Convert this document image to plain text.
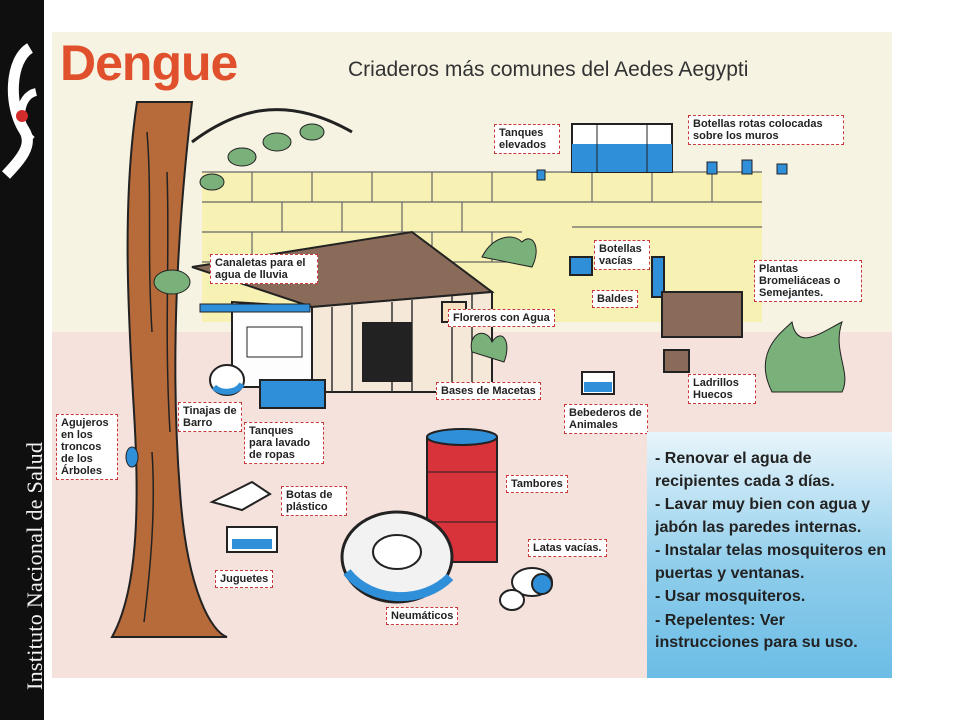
Instituto Nacional de Salud
Dengue	Criaderos más comunes del Aedes Aegypti
Tanques elevados
Botellas rotas colocadas sobre los muros
Canaletas para el agua de lluvia
Botellas vacías
Plantas Bromeliáceas o Semejantes.
Baldes
Floreros con Agua
Bases de Macetas
Ladrillos Huecos
Bebederos de Animales
Tinajas de Barro
Tanques para lavado de ropas
Agujeros en los troncos de los Árboles
Tambores
Botas de plástico
Latas vacías.
Juguetes
Neumáticos

- Renovar el agua de recipientes cada 3 días.

- Lavar muy bien con agua y jabón las paredes internas.

- Instalar telas mosquiteros en puertas y ventanas.

- Usar mosquiteros.

- Repelentes: Ver instrucciones para su uso.
